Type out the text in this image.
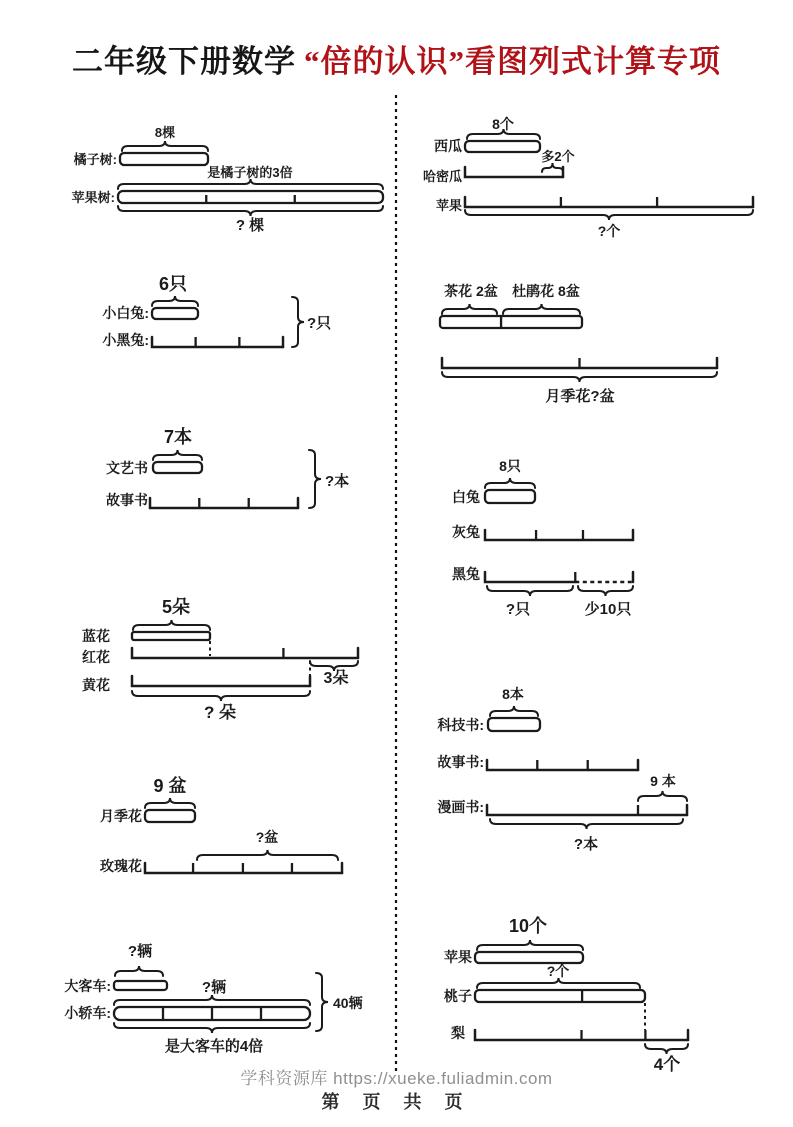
二年级下册数学 “倍的认识”看图列式计算专项
8棵
橘子树:
是橘子树的3倍
苹果树:
? 棵
6只
小白兔:
小黑兔:
?只
7本
文艺书
故事书
?本
5朵
蓝花
红花
3朵
黄花
? 朵
9 盆
月季花
?盆
玫瑰花
?辆
大客车:	?辆
小轿车:
是大客车的4倍
40辆
8个
西瓜
多2个
哈密瓜
苹果
?个
茶花 2盆 杜鹃花 8盆
月季花?盆
8只
白兔
灰兔
黑兔
?只	少10只
8本
科技书:
故事书:
9 本
漫画书:
?本
10个
苹果
?个
桃子
梨
4个
学科资源库 https://xueke.fuliadmin.com
第 页 共 页
